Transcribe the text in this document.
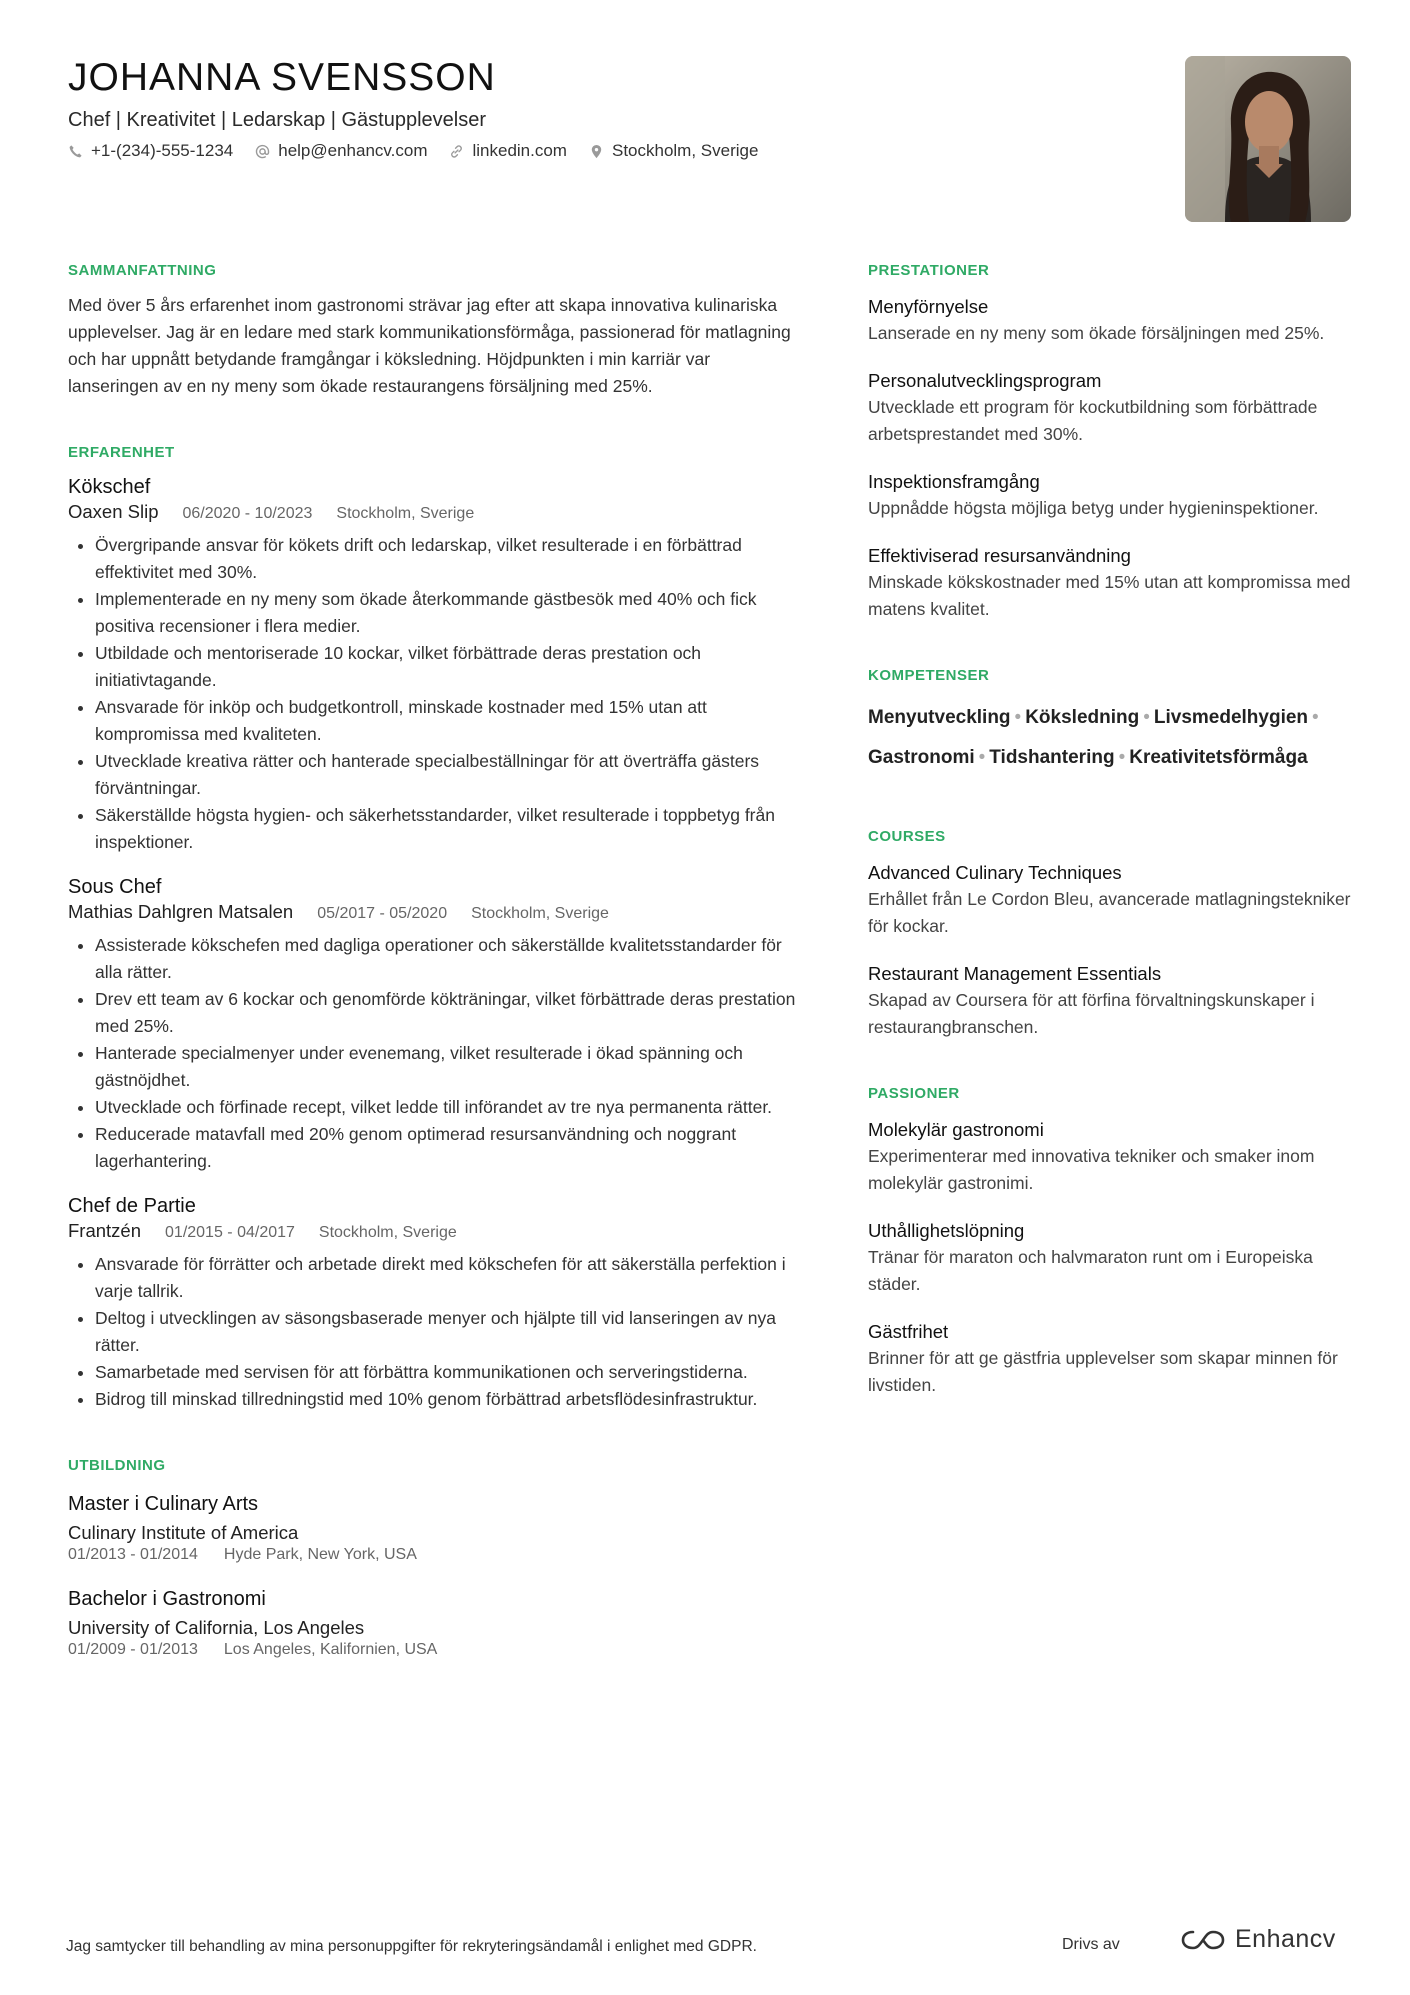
JOHANNA SVENSSON
Chef | Kreativitet | Ledarskap | Gästupplevelser
+1-(234)-555-1234	help@enhancv.com	linkedin.com	Stockholm, Sverige
SAMMANFATTNING
Med över 5 års erfarenhet inom gastronomi strävar jag efter att skapa innovativa kulinariska upplevelser. Jag är en ledare med stark kommunikationsförmåga, passionerad för matlagning och har uppnått betydande framgångar i köksledning. Höjdpunkten i min karriär var lanseringen av en ny meny som ökade restaurangens försäljning med 25%.
ERFARENHET
Kökschef
Oaxen Slip 06/2020 - 10/2023 Stockholm, Sverige
• Övergripande ansvar för kökets drift och ledarskap, vilket resulterade i en förbättrad effektivitet med 30%.
• Implementerade en ny meny som ökade återkommande gästbesök med 40% och fick positiva recensioner i flera medier.
• Utbildade och mentoriserade 10 kockar, vilket förbättrade deras prestation och initiativtagande.
• Ansvarade för inköp och budgetkontroll, minskade kostnader med 15% utan att kompromissa med kvaliteten.
• Utvecklade kreativa rätter och hanterade specialbeställningar för att överträffa gästers förväntningar.
• Säkerställde högsta hygien- och säkerhetsstandarder, vilket resulterade i toppbetyg från inspektioner.
Sous Chef
Mathias Dahlgren Matsalen 05/2017 - 05/2020 Stockholm, Sverige
• Assisterade kökschefen med dagliga operationer och säkerställde kvalitetsstandarder för alla rätter.
• Drev ett team av 6 kockar och genomförde kökträningar, vilket förbättrade deras prestation med 25%.
• Hanterade specialmenyer under evenemang, vilket resulterade i ökad spänning och gästnöjdhet.
• Utvecklade och förfinade recept, vilket ledde till införandet av tre nya permanenta rätter.
• Reducerade matavfall med 20% genom optimerad resursanvändning och noggrant lagerhantering.
Chef de Partie
Frantzén 01/2015 - 04/2017 Stockholm, Sverige
• Ansvarade för förrätter och arbetade direkt med kökschefen för att säkerställa perfektion i varje tallrik.
• Deltog i utvecklingen av säsongsbaserade menyer och hjälpte till vid lanseringen av nya rätter.
• Samarbetade med servisen för att förbättra kommunikationen och serveringstiderna.
• Bidrog till minskad tillredningstid med 10% genom förbättrad arbetsflödesinfrastruktur.
UTBILDNING
Master i Culinary Arts
Culinary Institute of America
01/2013 - 01/2014 Hyde Park, New York, USA
Bachelor i Gastronomi
University of California, Los Angeles
01/2009 - 01/2013 Los Angeles, Kalifornien, USA
PRESTATIONER
Menyförnyelse
Lanserade en ny meny som ökade försäljningen med 25%.
Personalutvecklingsprogram
Utvecklade ett program för kockutbildning som förbättrade arbetsprestandet med 30%.
Inspektionsframgång
Uppnådde högsta möjliga betyg under hygieninspektioner.
Effektiviserad resursanvändning
Minskade kökskostnader med 15% utan att kompromissa med matens kvalitet.
KOMPETENSER
Menyutveckling • Köksledning • Livsmedelhygien •
Gastronomi • Tidshantering • Kreativitetsförmåga
COURSES
Advanced Culinary Techniques
Erhållet från Le Cordon Bleu, avancerade matlagningstekniker för kockar.
Restaurant Management Essentials
Skapad av Coursera för att förfina förvaltningskunskaper i restaurangbranschen.
PASSIONER
Molekylär gastronomi
Experimenterar med innovativa tekniker och smaker inom molekylär gastronimi.
Uthållighetslöpning
Tränar för maraton och halvmaraton runt om i Europeiska städer.
Gästfrihet
Brinner för att ge gästfria upplevelser som skapar minnen för livstiden.
Jag samtycker till behandling av mina personuppgifter för rekryteringsändamål i enlighet med GDPR.	Drivs av	Enhancv
